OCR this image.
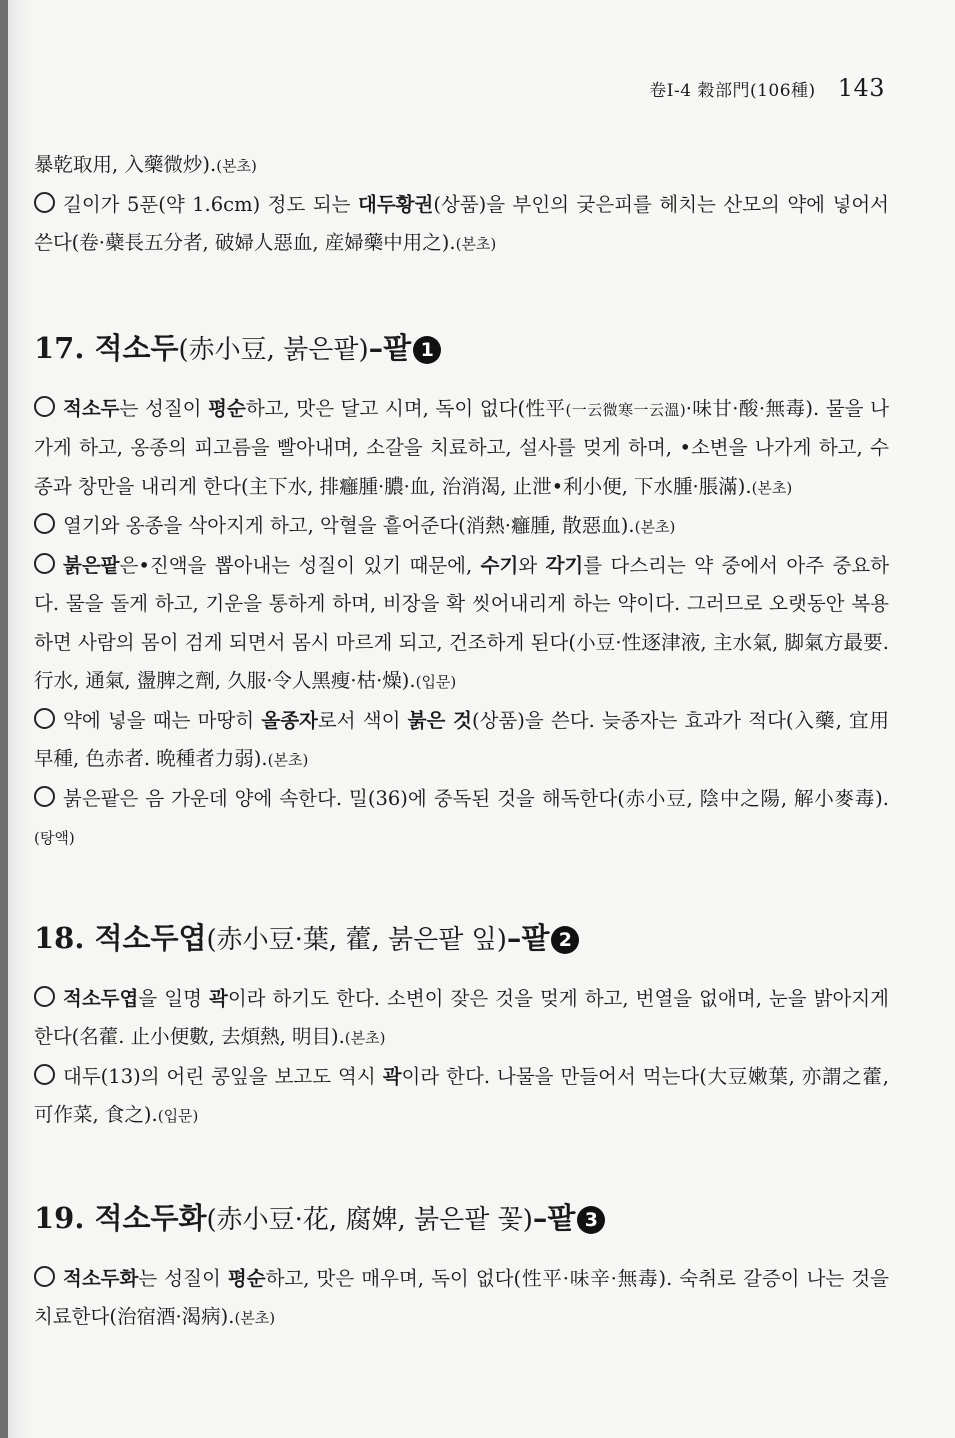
卷Ⅰ-4 穀部門(106種) 143

暴乾取用, 入藥微炒).(본초)

길이가 5푼(약 1.6cm) 정도 되는 대두황권(상품)을 부인의 궂은피를 헤치는 산모의 약에 넣어서 쓴다(卷·蘗長五分者, 破婦人惡血, 産婦藥中用之).(본초)

17. 적소두(赤小豆, 붉은팥)–팥 1

적소두는 성질이 평순하고, 맛은 달고 시며, 독이 없다(性平(一云微寒一云溫)·味甘·酸·無毒). 물을 나가게 하고, 옹종의 피고름을 빨아내며, 소갈을 치료하고, 설사를 멎게 하며, •소변을 나가게 하고, 수종과 창만을 내리게 한다(主下水, 排癰腫·膿·血, 治消渴, 止泄•利小便, 下水腫·脹滿).(본초)

열기와 옹종을 삭아지게 하고, 악혈을 흩어준다(消熱·癰腫, 散惡血).(본초)

붉은팥은•진액을 뽑아내는 성질이 있기 때문에, 수기와 각기를 다스리는 약 중에서 아주 중요하다. 물을 돌게 하고, 기운을 통하게 하며, 비장을 확 씻어내리게 하는 약이다. 그러므로 오랫동안 복용하면 사람의 몸이 검게 되면서 몸시 마르게 되고, 건조하게 된다(小豆·性逐津液, 主水氣, 脚氣方最要. 行水, 通氣, 盪脾之劑, 久服·令人黑瘦·枯·燥).(입문)

약에 넣을 때는 마땅히 올종자로서 색이 붉은 것(상품)을 쓴다. 늦종자는 효과가 적다(入藥, 宜用早種, 色赤者. 晩種者力弱).(본초)

붉은팥은 음 가운데 양에 속한다. 밀(36)에 중독된 것을 해독한다(赤小豆, 陰中之陽, 解小麥毒).(탕액)

18. 적소두엽(赤小豆·葉, 藿, 붉은팥 잎)–팥 2

적소두엽을 일명 곽이라 하기도 한다. 소변이 잦은 것을 멎게 하고, 번열을 없애며, 눈을 밝아지게 한다(名藿. 止小便數, 去煩熱, 明目).(본초)

대두(13)의 어린 콩잎을 보고도 역시 곽이라 한다. 나물을 만들어서 먹는다(大豆嫩葉, 亦謂之藿, 可作菜, 食之).(입문)

19. 적소두화(赤小豆·花, 腐婢, 붉은팥 꽃)–팥 3

적소두화는 성질이 평순하고, 맛은 매우며, 독이 없다(性平·味辛·無毒). 숙취로 갈증이 나는 것을 치료한다(治宿酒·渴病).(본초)
